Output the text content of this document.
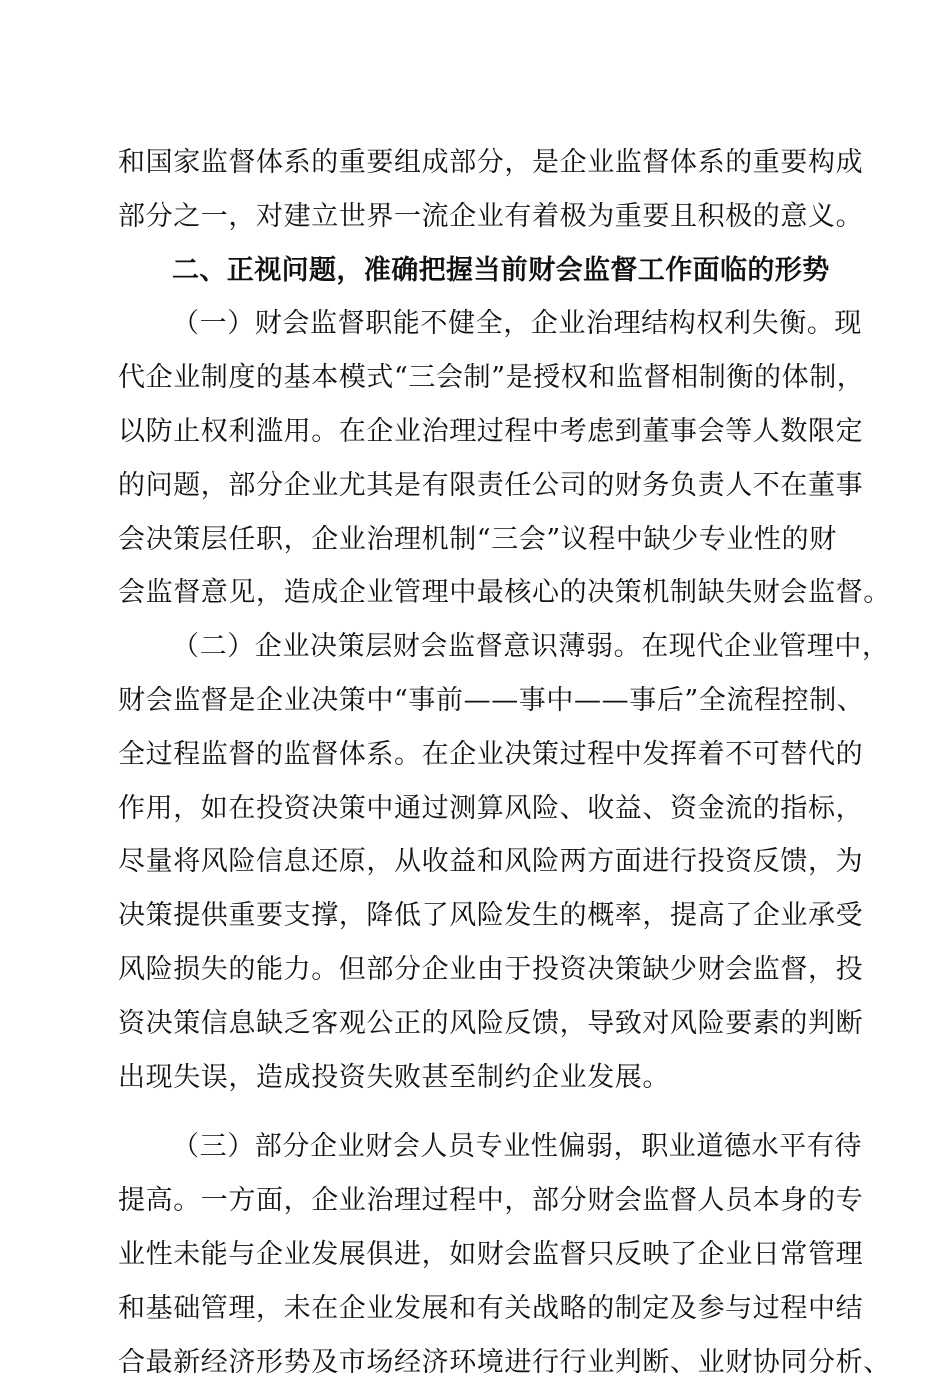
和国家监督体系的重要组成部分，是企业监督体系的重要构成
部分之一，对建立世界一流企业有着极为重要且积极的意义。
二、正视问题，准确把握当前财会监督工作面临的形势
（一）财会监督职能不健全，企业治理结构权利失衡。现
代企业制度的基本模式“三会制”是授权和监督相制衡的体制，
以防止权利滥用。在企业治理过程中考虑到董事会等人数限定
的问题，部分企业尤其是有限责任公司的财务负责人不在董事
会决策层任职，企业治理机制“三会”议程中缺少专业性的财
会监督意见，造成企业管理中最核心的决策机制缺失财会监督。
（二）企业决策层财会监督意识薄弱。在现代企业管理中，
财会监督是企业决策中“事前——事中——事后”全流程控制、
全过程监督的监督体系。在企业决策过程中发挥着不可替代的
作用，如在投资决策中通过测算风险、收益、资金流的指标，
尽量将风险信息还原，从收益和风险两方面进行投资反馈，为
决策提供重要支撑，降低了风险发生的概率，提高了企业承受
风险损失的能力。但部分企业由于投资决策缺少财会监督，投
资决策信息缺乏客观公正的风险反馈，导致对风险要素的判断
出现失误，造成投资失败甚至制约企业发展。
（三）部分企业财会人员专业性偏弱，职业道德水平有待
提高。一方面，企业治理过程中，部分财会监督人员本身的专
业性未能与企业发展俱进，如财会监督只反映了企业日常管理
和基础管理，未在企业发展和有关战略的制定及参与过程中结
合最新经济形势及市场经济环境进行行业判断、业财协同分析、
